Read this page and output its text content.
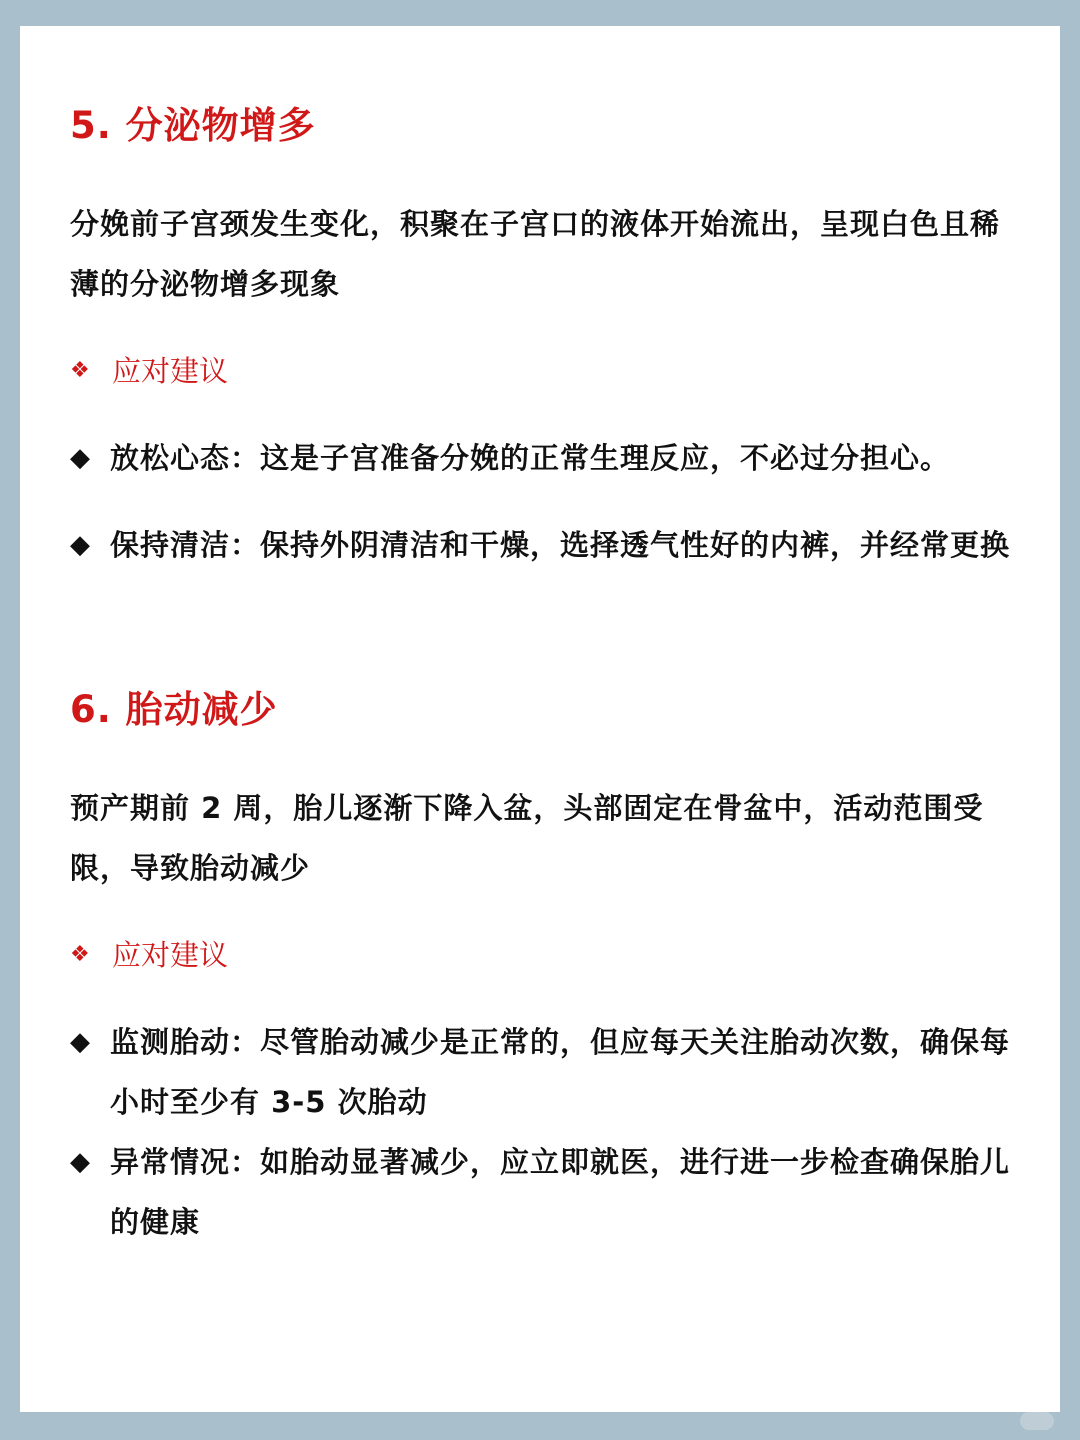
5. 分泌物增多

分娩前子宫颈发生变化，积聚在子宫口的液体开始流出，呈现白色且稀薄的分泌物增多现象

❖ 应对建议

◆ 放松心态：这是子宫准备分娩的正常生理反应，不必过分担心。

◆ 保持清洁：保持外阴清洁和干燥，选择透气性好的内裤，并经常更换

6. 胎动减少

预产期前 2 周，胎儿逐渐下降入盆，头部固定在骨盆中，活动范围受限，导致胎动减少

❖ 应对建议

◆ 监测胎动：尽管胎动减少是正常的，但应每天关注胎动次数，确保每小时至少有 3-5 次胎动

◆ 异常情况：如胎动显著减少，应立即就医，进行进一步检查确保胎儿的健康
